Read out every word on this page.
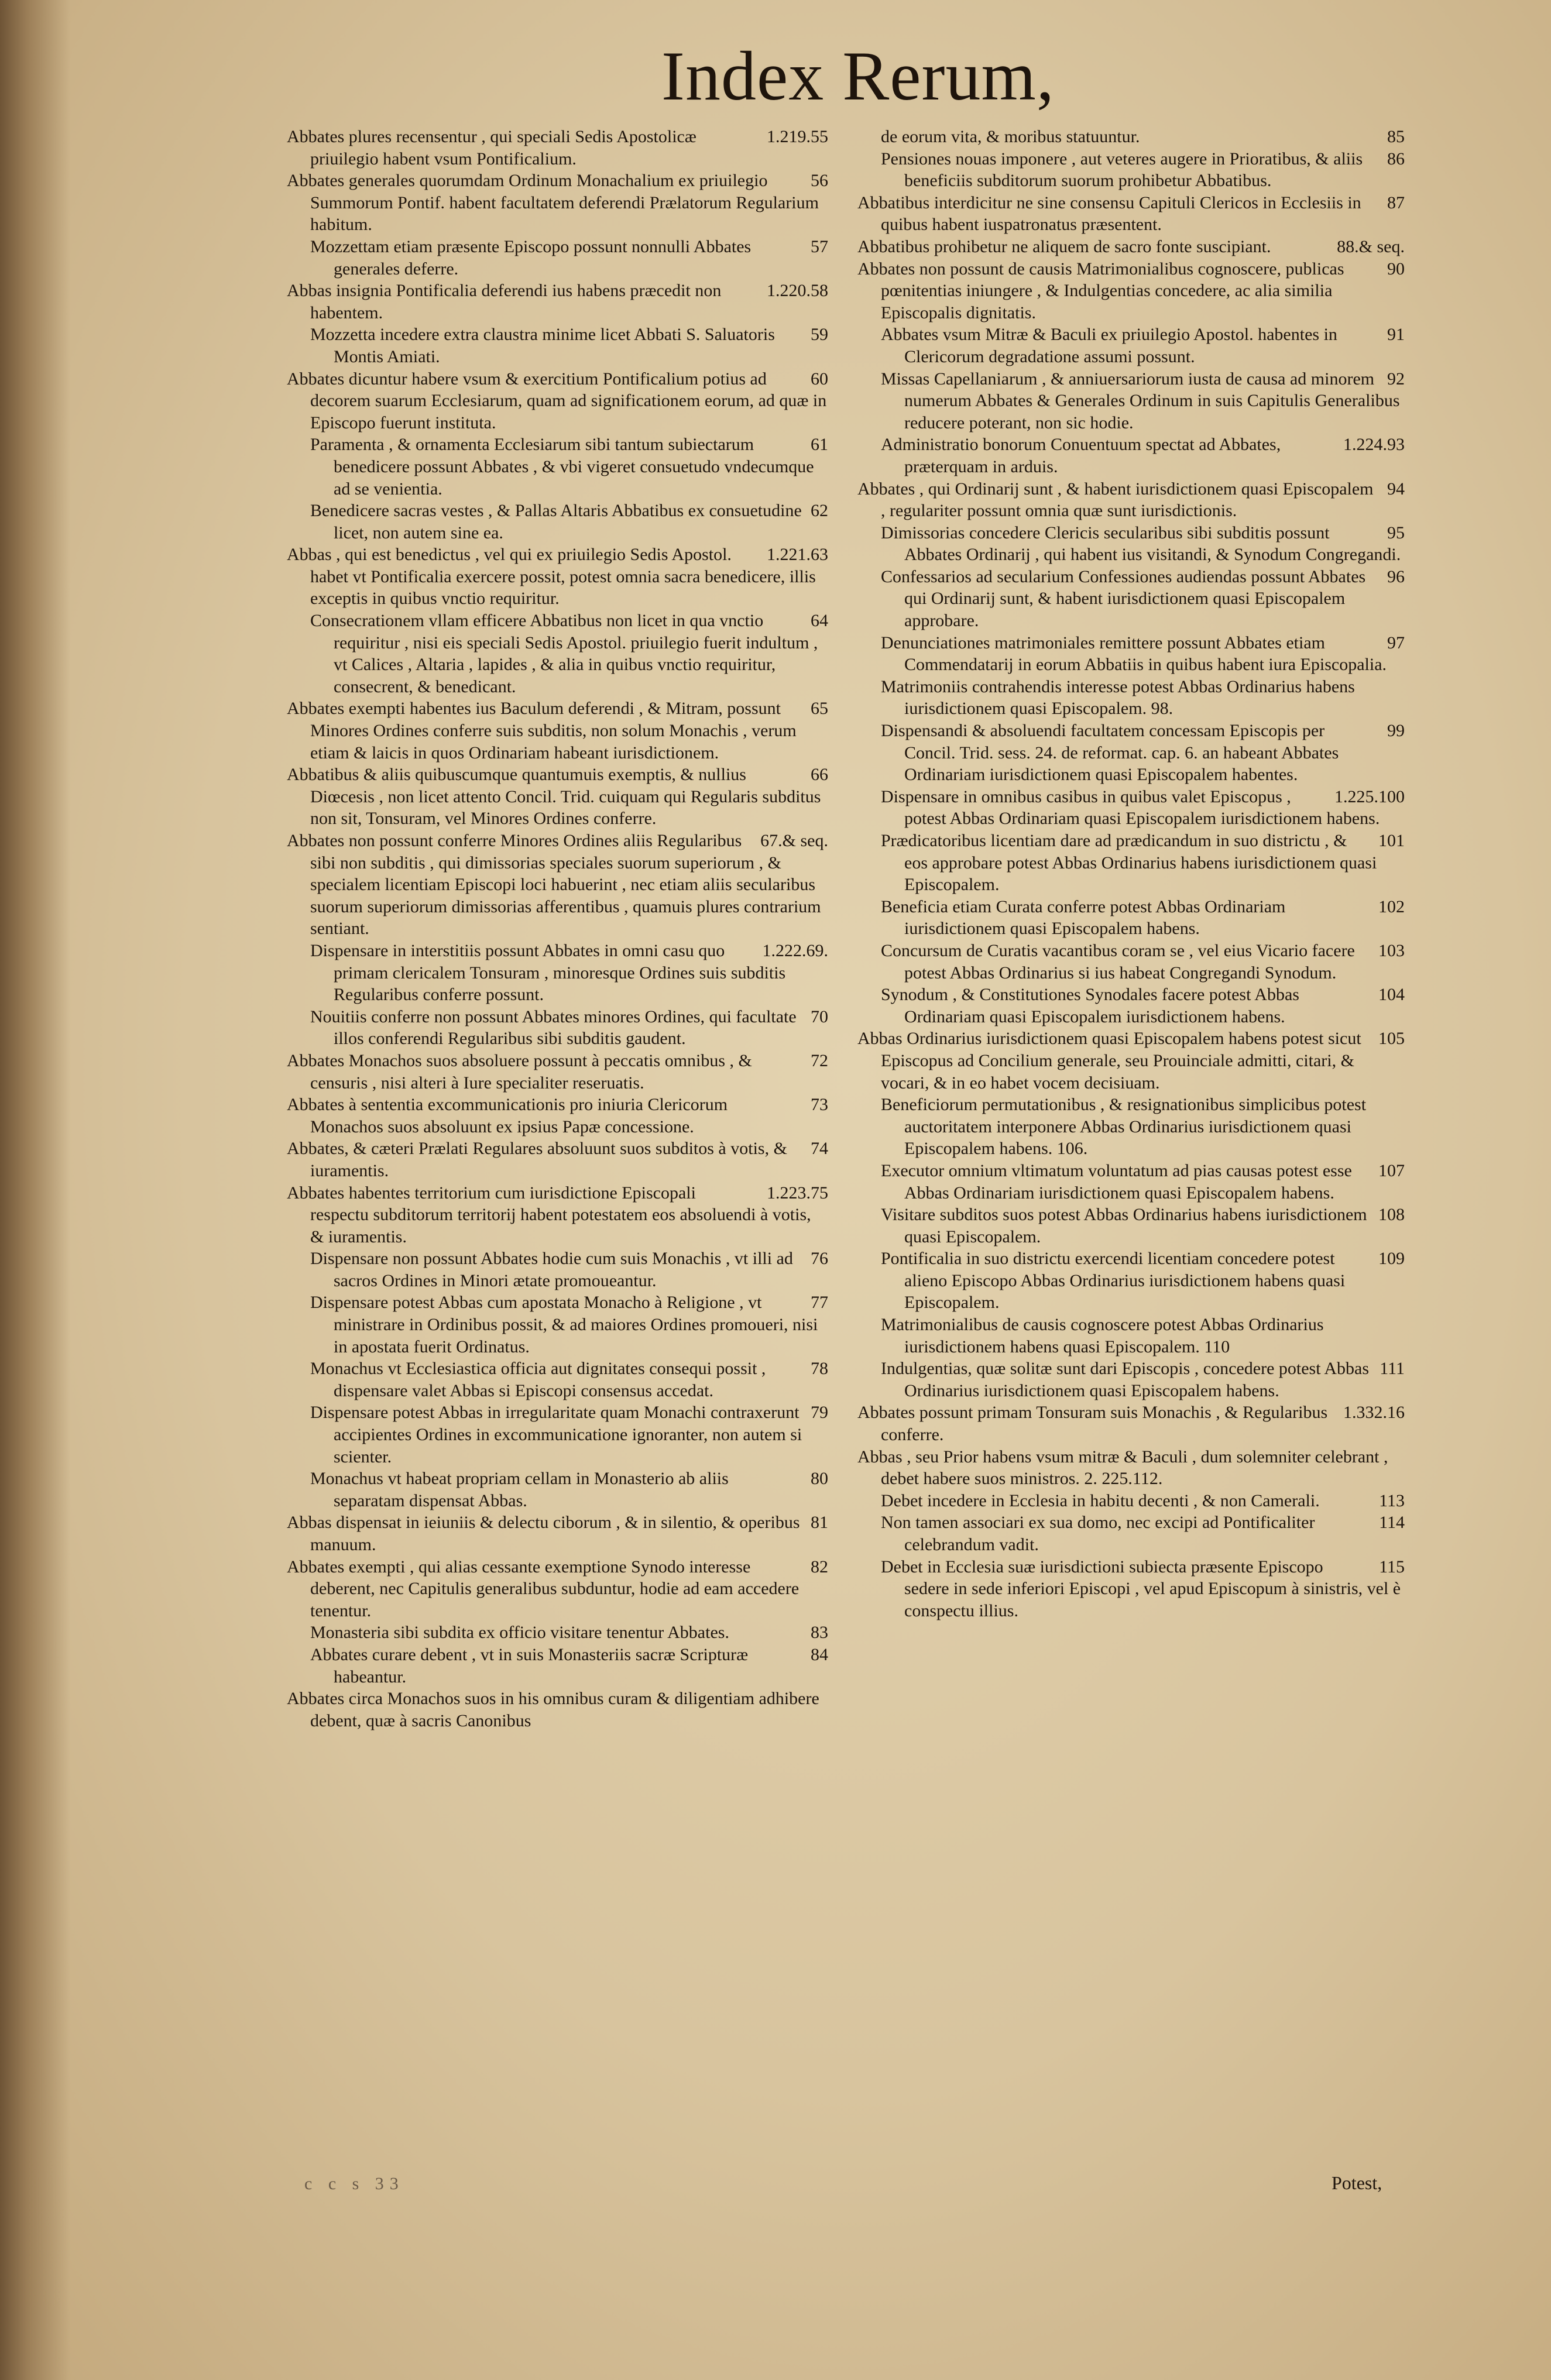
Index Rerum,
1.219.55
Abbates plures recensentur , qui speciali Sedis Apostolicæ priuilegio habent vsum Pontificalium.
56
Abbates generales quorumdam Ordinum Monachalium ex priuilegio Summorum Pontif. habent facultatem deferendi Prælatorum Regularium habitum.
57
Mozzettam etiam præsente Episcopo possunt nonnulli Abbates generales deferre.
1.220.58
Abbas insignia Pontificalia deferendi ius habens præcedit non habentem.
59
Mozzetta incedere extra claustra minime licet Abbati S. Saluatoris Montis Amiati.
60
Abbates dicuntur habere vsum & exercitium Pontificalium potius ad decorem suarum Ecclesiarum, quam ad significationem eorum, ad quæ in Episcopo fuerunt instituta.
61
Paramenta , & ornamenta Ecclesiarum sibi tantum subiectarum benedicere possunt Abbates , & vbi vigeret consuetudo vndecumque ad se venientia.
62
Benedicere sacras vestes , & Pallas Altaris Abbatibus ex consuetudine licet, non autem sine ea.
1.221.63
Abbas , qui est benedictus , vel qui ex priuilegio Sedis Apostol. habet vt Pontificalia exercere possit, potest omnia sacra benedicere, illis exceptis in quibus vnctio requiritur.
64
Consecrationem vllam efficere Abbatibus non licet in qua vnctio requiritur , nisi eis speciali Sedis Apostol. priuilegio fuerit indultum , vt Calices , Altaria , lapides , & alia in quibus vnctio requiritur, consecrent, & benedicant.
65
Abbates exempti habentes ius Baculum deferendi , & Mitram, possunt Minores Ordines conferre suis subditis, non solum Monachis , verum etiam & laicis in quos Ordinariam habeant iurisdictionem.
66
Abbatibus & aliis quibuscumque quantumuis exemptis, & nullius Diœcesis , non licet attento Concil. Trid. cuiquam qui Regularis subditus non sit, Tonsuram, vel Minores Ordines conferre.
67.& seq.
Abbates non possunt conferre Minores Ordines aliis Regularibus sibi non subditis , qui dimissorias speciales suorum superiorum , & specialem licentiam Episcopi loci habuerint , nec etiam aliis secularibus suorum superiorum dimissorias afferentibus , quamuis plures contrarium sentiant.
1.222.69.
Dispensare in interstitiis possunt Abbates in omni casu quo primam clericalem Tonsuram , minoresque Ordines suis subditis Regularibus conferre possunt.
70
Nouitiis conferre non possunt Abbates minores Ordines, qui facultate illos conferendi Regularibus sibi subditis gaudent.
72
Abbates Monachos suos absoluere possunt à peccatis omnibus , & censuris , nisi alteri à Iure specialiter reseruatis.
73
Abbates à sententia excommunicationis pro iniuria Clericorum Monachos suos absoluunt ex ipsius Papæ concessione.
74
Abbates, & cæteri Prælati Regulares absoluunt suos subditos à votis, & iuramentis.
1.223.75
Abbates habentes territorium cum iurisdictione Episcopali respectu subditorum territorij habent potestatem eos absoluendi à votis, & iuramentis.
76
Dispensare non possunt Abbates hodie cum suis Monachis , vt illi ad sacros Ordines in Minori ætate promoueantur.
77
Dispensare potest Abbas cum apostata Monacho à Religione , vt ministrare in Ordinibus possit, & ad maiores Ordines promoueri, nisi in apostata fuerit Ordinatus.
78
Monachus vt Ecclesiastica officia aut dignitates consequi possit , dispensare valet Abbas si Episcopi consensus accedat.
79
Dispensare potest Abbas in irregularitate quam Monachi contraxerunt accipientes Ordines in excommunicatione ignoranter, non autem si scienter.
80
Monachus vt habeat propriam cellam in Monasterio ab aliis separatam dispensat Abbas.
81
Abbas dispensat in ieiuniis & delectu ciborum , & in silentio, & operibus manuum.
82
Abbates exempti , qui alias cessante exemptione Synodo interesse deberent, nec Capitulis generalibus subduntur, hodie ad eam accedere tenentur.
83
Monasteria sibi subdita ex officio visitare tenentur Abbates.
84
Abbates curare debent , vt in suis Monasteriis sacræ Scripturæ habeantur.
Abbates circa Monachos suos in his omnibus curam & diligentiam adhibere debent, quæ à sacris Canonibus
85
de eorum vita, & moribus statuuntur.
86
Pensiones nouas imponere , aut veteres augere in Prioratibus, & aliis beneficiis subditorum suorum prohibetur Abbatibus.
87
Abbatibus interdicitur ne sine consensu Capituli Clericos in Ecclesiis in quibus habent iuspatronatus præsentent.
88.& seq.
Abbatibus prohibetur ne aliquem de sacro fonte suscipiant.
90
Abbates non possunt de causis Matrimonialibus cognoscere, publicas pœnitentias iniungere , & Indulgentias concedere, ac alia similia Episcopalis dignitatis.
91
Abbates vsum Mitræ & Baculi ex priuilegio Apostol. habentes in Clericorum degradatione assumi possunt.
92
Missas Capellaniarum , & anniuersariorum iusta de causa ad minorem numerum Abbates & Generales Ordinum in suis Capitulis Generalibus reducere poterant, non sic hodie.
1.224.93
Administratio bonorum Conuentuum spectat ad Abbates, præterquam in arduis.
94
Abbates , qui Ordinarij sunt , & habent iurisdictionem quasi Episcopalem , regulariter possunt omnia quæ sunt iurisdictionis.
95
Dimissorias concedere Clericis secularibus sibi subditis possunt Abbates Ordinarij , qui habent ius visitandi, & Synodum Congregandi.
96
Confessarios ad secularium Confessiones audiendas possunt Abbates qui Ordinarij sunt, & habent iurisdictionem quasi Episcopalem approbare.
97
Denunciationes matrimoniales remittere possunt Abbates etiam Commendatarij in eorum Abbatiis in quibus habent iura Episcopalia.
Matrimoniis contrahendis interesse potest Abbas Ordinarius habens iurisdictionem quasi Episcopalem. 98.
99
Dispensandi & absoluendi facultatem concessam Episcopis per Concil. Trid. sess. 24. de reformat. cap. 6. an habeant Abbates Ordinariam iurisdictionem quasi Episcopalem habentes.
1.225.100
Dispensare in omnibus casibus in quibus valet Episcopus , potest Abbas Ordinariam quasi Episcopalem iurisdictionem habens.
101
Prædicatoribus licentiam dare ad prædicandum in suo districtu , & eos approbare potest Abbas Ordinarius habens iurisdictionem quasi Episcopalem.
102
Beneficia etiam Curata conferre potest Abbas Ordinariam iurisdictionem quasi Episcopalem habens.
103
Concursum de Curatis vacantibus coram se , vel eius Vicario facere potest Abbas Ordinarius si ius habeat Congregandi Synodum.
104
Synodum , & Constitutiones Synodales facere potest Abbas Ordinariam quasi Episcopalem iurisdictionem habens.
105
Abbas Ordinarius iurisdictionem quasi Episcopalem habens potest sicut Episcopus ad Concilium generale, seu Prouinciale admitti, citari, & vocari, & in eo habet vocem decisiuam.
Beneficiorum permutationibus , & resignationibus simplicibus potest auctoritatem interponere Abbas Ordinarius iurisdictionem quasi Episcopalem habens. 106.
107
Executor omnium vltimatum voluntatum ad pias causas potest esse Abbas Ordinariam iurisdictionem quasi Episcopalem habens.
108
Visitare subditos suos potest Abbas Ordinarius habens iurisdictionem quasi Episcopalem.
109
Pontificalia in suo districtu exercendi licentiam concedere potest alieno Episcopo Abbas Ordinarius iurisdictionem habens quasi Episcopalem.
Matrimonialibus de causis cognoscere potest Abbas Ordinarius iurisdictionem habens quasi Episcopalem. 110
111
Indulgentias, quæ solitæ sunt dari Episcopis , concedere potest Abbas Ordinarius iurisdictionem quasi Episcopalem habens.
1.332.16
Abbates possunt primam Tonsuram suis Monachis , & Regularibus conferre.
Abbas , seu Prior habens vsum mitræ & Baculi , dum solemniter celebrant , debet habere suos ministros. 2. 225.112.
113
Debet incedere in Ecclesia in habitu decenti , & non Camerali.
114
Non tamen associari ex sua domo, nec excipi ad Pontificaliter celebrandum vadit.
115
Debet in Ecclesia suæ iurisdictioni subiecta præsente Episcopo sedere in sede inferiori Episcopi , vel apud Episcopum à sinistris, vel è conspectu illius.
c c s 33	Potest,
